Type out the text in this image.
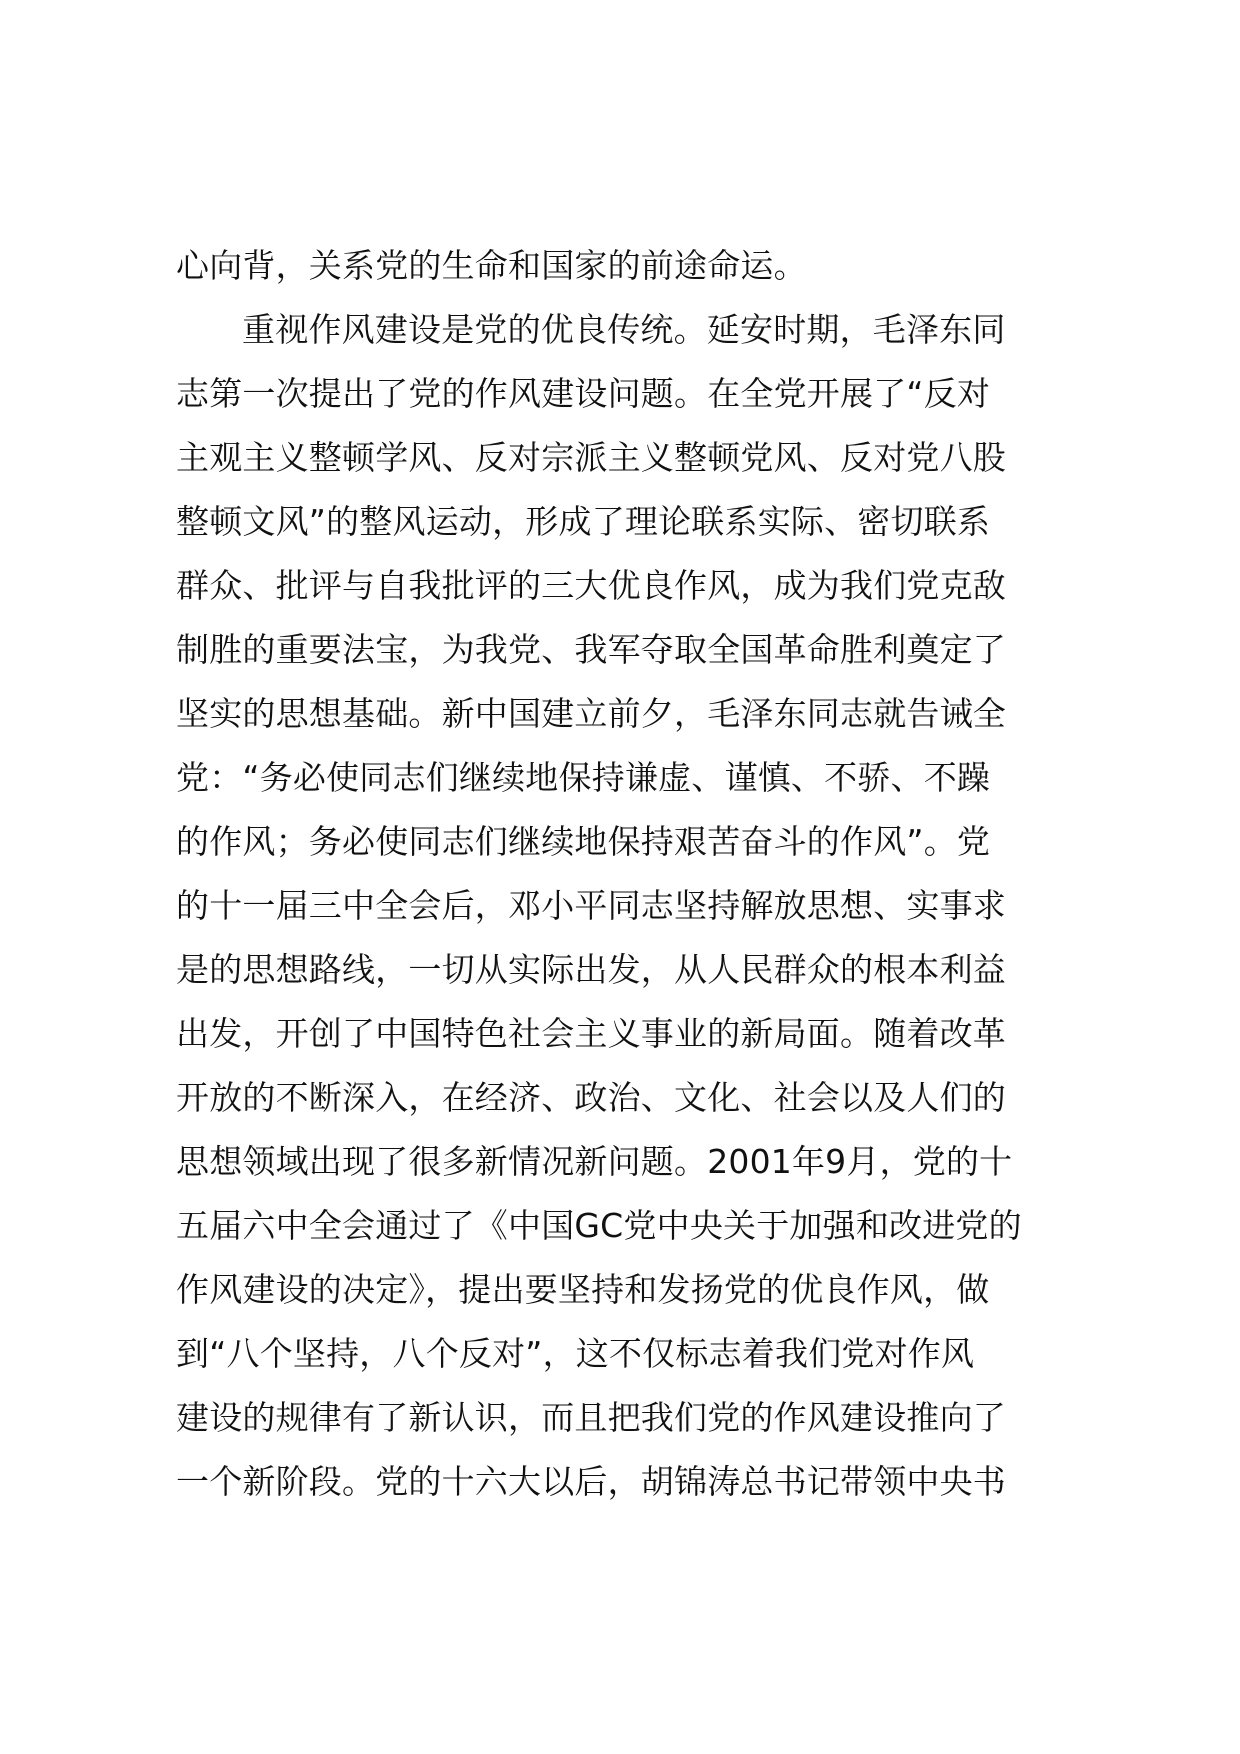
心向背，关系党的生命和国家的前途命运。
重视作风建设是党的优良传统。延安时期，毛泽东同
志第一次提出了党的作风建设问题。在全党开展了“反对
主观主义整顿学风、反对宗派主义整顿党风、反对党八股
整顿文风”的整风运动，形成了理论联系实际、密切联系
群众、批评与自我批评的三大优良作风，成为我们党克敌
制胜的重要法宝，为我党、我军夺取全国革命胜利奠定了
坚实的思想基础。新中国建立前夕，毛泽东同志就告诫全
党：“务必使同志们继续地保持谦虚、谨慎、不骄、不躁
的作风；务必使同志们继续地保持艰苦奋斗的作风”。党
的十一届三中全会后，邓小平同志坚持解放思想、实事求
是的思想路线，一切从实际出发，从人民群众的根本利益
出发，开创了中国特色社会主义事业的新局面。随着改革
开放的不断深入，在经济、政治、文化、社会以及人们的
思想领域出现了很多新情况新问题。2001年9月，党的十
五届六中全会通过了《中国GC党中央关于加强和改进党的
作风建设的决定》，提出要坚持和发扬党的优良作风，做
到“八个坚持，八个反对”，这不仅标志着我们党对作风
建设的规律有了新认识，而且把我们党的作风建设推向了
一个新阶段。党的十六大以后，胡锦涛总书记带领中央书
